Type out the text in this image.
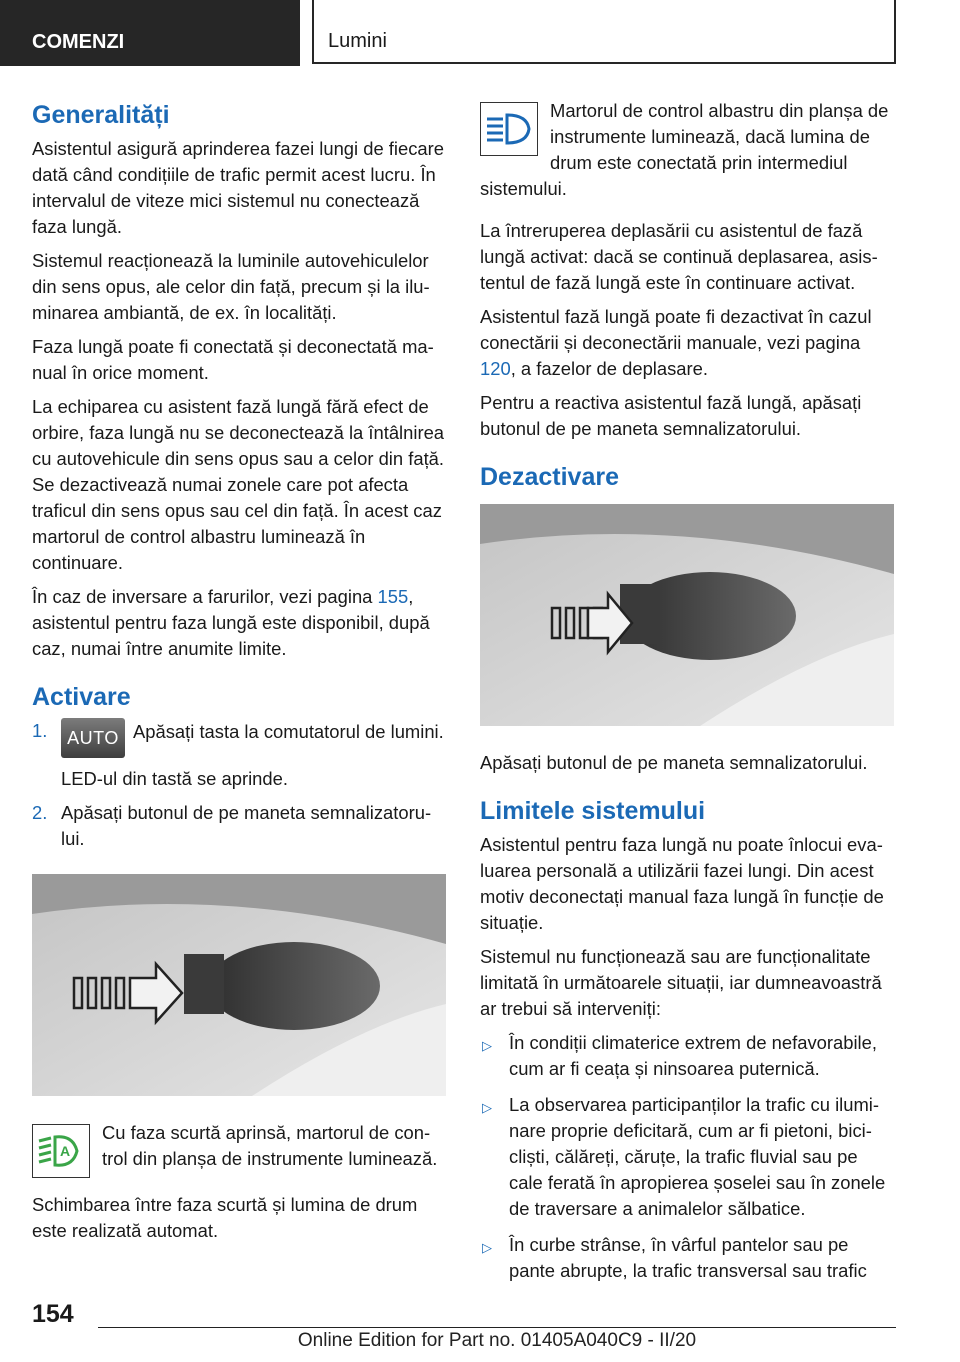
COMENZI	Lumini
Generalități

Asistentul asigură aprinderea fazei lungi de fiecare dată când condițiile de trafic permit acest lucru. În intervalul de viteze mici sistemul nu conectează faza lungă.

Sistemul reacționează la luminile autovehiculelor din sens opus, ale celor din față, precum și la iluminarea ambiantă, de ex. în localități.

Faza lungă poate fi conectată și deconectată manual în orice moment.

La echiparea cu asistent fază lungă fără efect de orbire, faza lungă nu se deconectează la întâlnirea cu autovehicule din sens opus sau a celor din față. Se dezactivează numai zonele care pot afecta traficul din sens opus sau cel din față. În acest caz martorul de control albastru luminează în continuare.

În caz de inversare a farurilor, vezi pagina 155, asistentul pentru faza lungă este disponibil, după caz, numai între anumite limite.

Activare
1. AUTO Apăsați tasta la comutatorul de lumini.
LED-ul din tastă se aprinde.
2. Apăsați butonul de pe maneta semnalizatorului.
A

Cu faza scurtă aprinsă, martorul de control din planșa de instrumente luminează.

Schimbarea între faza scurtă și lumina de drum este realizată automat.

Martorul de control albastru din planșa de instrumente luminează, dacă lumina de drum este conectată prin intermediul sistemului.

La întreruperea deplasării cu asistentul de fază lungă activat: dacă se continuă deplasarea, asistentul de fază lungă este în continuare activat.

Asistentul fază lungă poate fi dezactivat în cazul conectării și deconectării manuale, vezi pagina 120, a fazelor de deplasare.

Pentru a reactiva asistentul fază lungă, apăsați butonul de pe maneta semnalizatorului.

Dezactivare

Apăsați butonul de pe maneta semnalizatorului.

Limitele sistemului

Asistentul pentru faza lungă nu poate înlocui evaluarea personală a utilizării fazei lungi. Din acest motiv deconectați manual faza lungă în funcție de situație.

Sistemul nu funcționează sau are funcționalitate limitată în următoarele situații, iar dumneavoastră ar trebui să interveniți:

▷ În condiții climaterice extrem de nefavorabile, cum ar fi ceața și ninsoarea puternică.
▷ La observarea participanților la trafic cu iluminare proprie deficitară, cum ar fi pietoni, bicicliști, călăreți, căruțe, la trafic fluvial sau pe cale ferată în apropierea șoselei sau în zonele de traversare a animalelor sălbatice.
▷ În curbe strânse, în vârful pantelor sau pe pante abrupte, la trafic transversal sau trafic
154
Online Edition for Part no. 01405A040C9 - II/20
